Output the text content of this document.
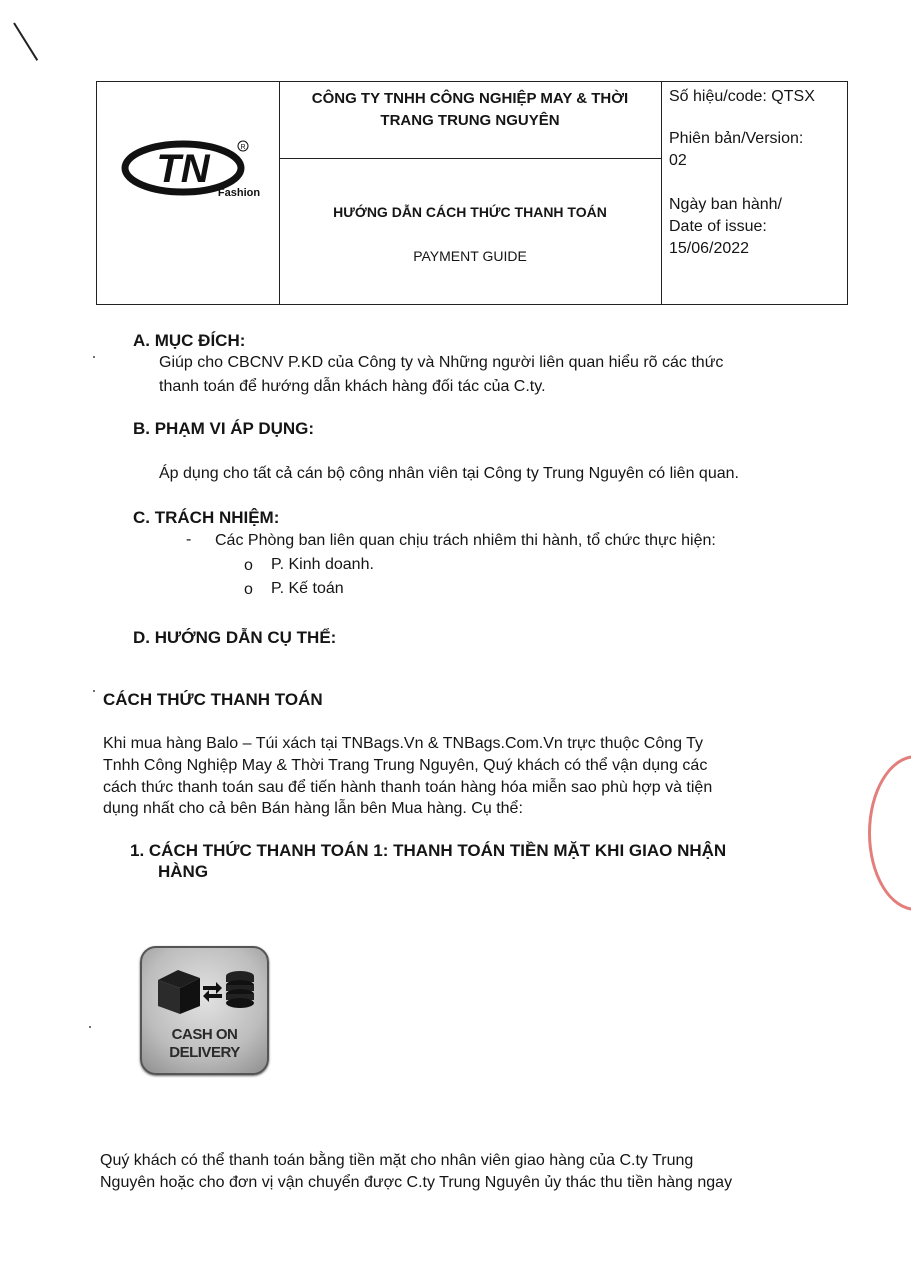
TN
Fashion
R
CÔNG TY TNHH CÔNG NGHIỆP MAY & THỜI
TRANG TRUNG NGUYÊN
HƯỚNG DẪN CÁCH THỨC THANH TOÁN
PAYMENT GUIDE
Số hiệu/code: QTSX
Phiên bản/Version:
02
Ngày ban hành/
Date of issue:
15/06/2022
A. MỤC ĐÍCH:
Giúp cho CBCNV P.KD của Công ty và Những người liên quan hiểu rõ các thức
thanh toán để hướng dẫn khách hàng đối tác của C.ty.
B. PHẠM VI ÁP DỤNG:
Áp dụng cho tất cả cán bộ công nhân viên tại Công ty Trung Nguyên có liên quan.
C. TRÁCH NHIỆM:
- Các Phòng ban liên quan chịu trách nhiêm thi hành, tổ chức thực hiện:
o P. Kinh doanh.
o P. Kế toán
D. HƯỚNG DẪN CỤ THỂ:
CÁCH THỨC THANH TOÁN
Khi mua hàng Balo – Túi xách tại TNBags.Vn & TNBags.Com.Vn trực thuộc Công Ty
Tnhh Công Nghiệp May & Thời Trang Trung Nguyên, Quý khách có thể vận dụng các
cách thức thanh toán sau để tiến hành thanh toán hàng hóa miễn sao phù hợp và tiện
dụng nhất cho cả bên Bán hàng lẫn bên Mua hàng. Cụ thể:
1. CÁCH THỨC THANH TOÁN 1: THANH TOÁN TIỀN MẶT KHI GIAO NHẬN
HÀNG
CASH ON
DELIVERY
Quý khách có thể thanh toán bằng tiền mặt cho nhân viên giao hàng của C.ty Trung
Nguyên hoặc cho đơn vị vận chuyển được C.ty Trung Nguyên ủy thác thu tiền hàng ngay
